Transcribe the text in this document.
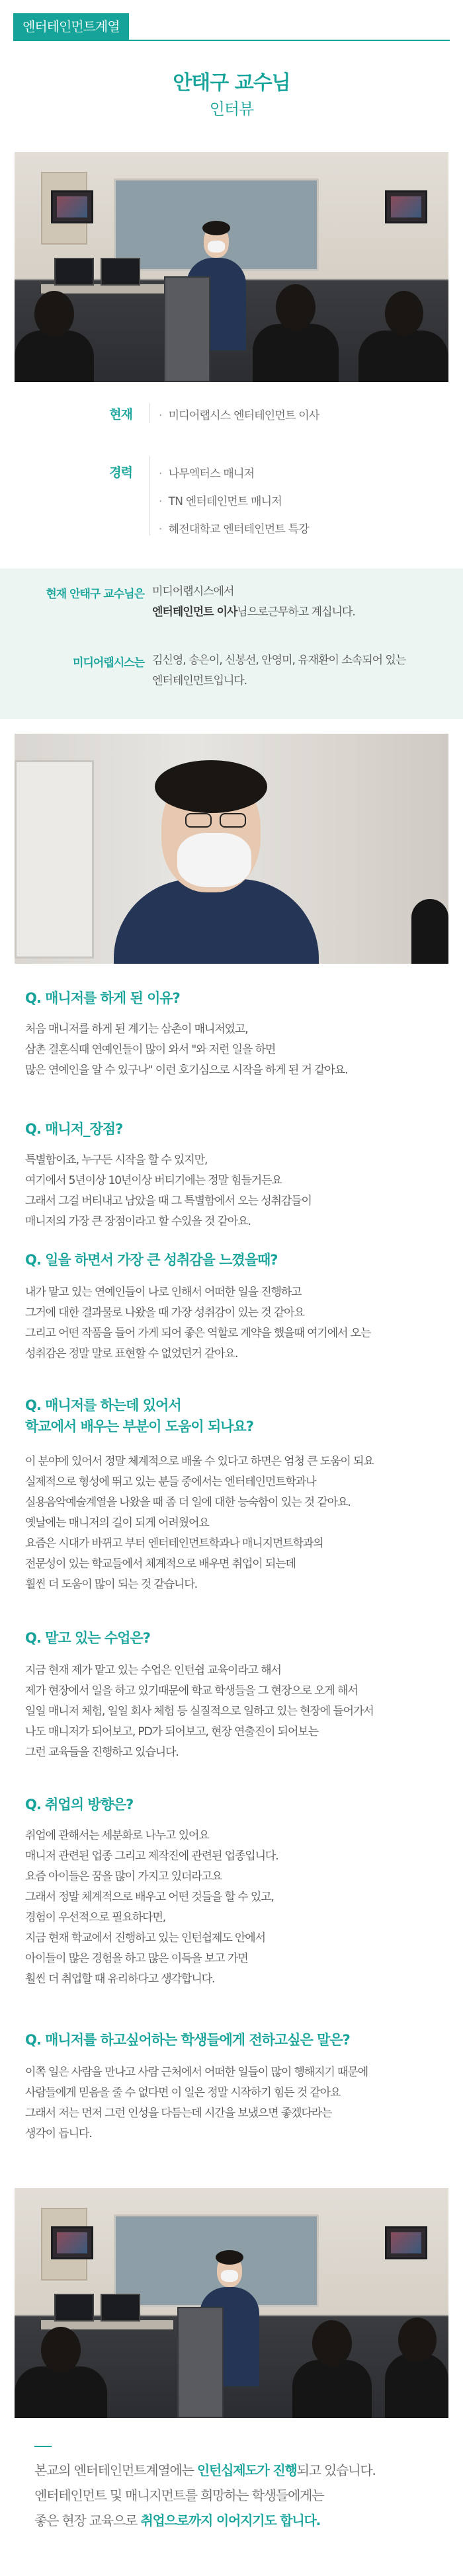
엔터테인먼트계열
안태구 교수님
인터뷰
현재 · 미디어랩시스 엔터테인먼트 이사
경력 · 나무엑터스 매니저
· TN 엔터테인먼트 매니저
· 혜전대학교 엔터테인먼트 특강
현재 안태구 교수님은 미디어랩시스에서
엔터테인먼트 이사님으로근무하고 계십니다.
미디어랩시스는 김신영, 송은이, 신봉선, 안영미, 유재환이 소속되어 있는
엔터테인먼트입니다.
Q. 매니저를 하게 된 이유?
처음 매니저를 하게 된 계기는 삼촌이 매니저였고,
삼촌 결혼식때 연예인들이 많이 와서 "와 저런 일을 하면
많은 연예인을 알 수 있구나" 이런 호기심으로 시작을 하게 된 거 같아요.
Q. 매니저_장점?
특별함이죠, 누구든 시작을 할 수 있지만,
여기에서 5년이상 10년이상 버티기에는 정말 힘들거든요
그래서 그걸 버티내고 남았을 때 그 특별함에서 오는 성취감들이
매니저의 가장 큰 장점이라고 할 수있을 것 같아요.
Q. 일을 하면서 가장 큰 성취감을 느꼈을때?
내가 맡고 있는 연예인들이 나로 인해서 어떠한 일을 진행하고
그거에 대한 결과물로 나왔을 때 가장 성취감이 있는 것 같아요
그리고 어떤 작품을 들어 가게 되어 좋은 역할로 계약을 했을때 여기에서 오는
성취감은 정말 말로 표현할 수 없었던거 같아요.
Q. 매니저를 하는데 있어서
학교에서 배우는 부분이 도움이 되나요?
이 분야에 있어서 정말 체계적으로 배울 수 있다고 하면은 엄청 큰 도움이 되요
실제적으로 형성에 뛰고 있는 분들 중에서는 엔터테인먼트학과나
실용음악예술계열을 나왔을 때 좀 더 일에 대한 능숙함이 있는 것 같아요.
옛날에는 매니저의 길이 되게 어려웠어요
요즘은 시대가 바뀌고 부터 엔터테인먼트학과나 매니지먼트학과의
전문성이 있는 학교들에서 체계적으로 배우면 취업이 되는데
훨씬 더 도움이 많이 되는 것 같습니다.
Q. 맡고 있는 수업은?
지금 현재 제가 맡고 있는 수업은 인턴쉽 교육이라고 해서
제가 현장에서 일을 하고 있기때문에 학교 학생들을 그 현장으로 오게 해서
일일 매니저 체험, 일일 회사 체험 등 실질적으로 일하고 있는 현장에 들어가서
나도 매니저가 되어보고, PD가 되어보고, 현장 연출진이 되어보는
그런 교육들을 진행하고 있습니다.
Q. 취업의 방향은?
취업에 관해서는 세분화로 나누고 있어요
매니저 관련된 업종 그리고 제작진에 관련된 업종입니다.
요즘 아이들은 꿈을 많이 가지고 있더라고요
그래서 정말 체계적으로 배우고 어떤 것들을 할 수 있고,
경험이 우선적으로 필요하다면,
지금 현재 학교에서 진행하고 있는 인턴쉽제도 안에서
아이들이 많은 경험을 하고 많은 이득을 보고 가면
훨씬 더 취업할 때 유리하다고 생각합니다.
Q. 매니저를 하고싶어하는 학생들에게 전하고싶은 말은?
이쪽 일은 사람을 만나고 사람 근처에서 어떠한 일들이 많이 행해지기 때문에
사람들에게 믿음을 줄 수 없다면 이 일은 정말 시작하기 힘든 것 같아요
그래서 저는 먼저 그런 인성을 다듬는데 시간을 보냈으면 좋겠다라는
생각이 듭니다.
본교의 엔터테인먼트계열에는 인턴십제도가 진행되고 있습니다.
엔터테인먼트 및 매니지먼트를 희망하는 학생들에게는
좋은 현장 교육으로 취업으로까지 이어지기도 합니다.
